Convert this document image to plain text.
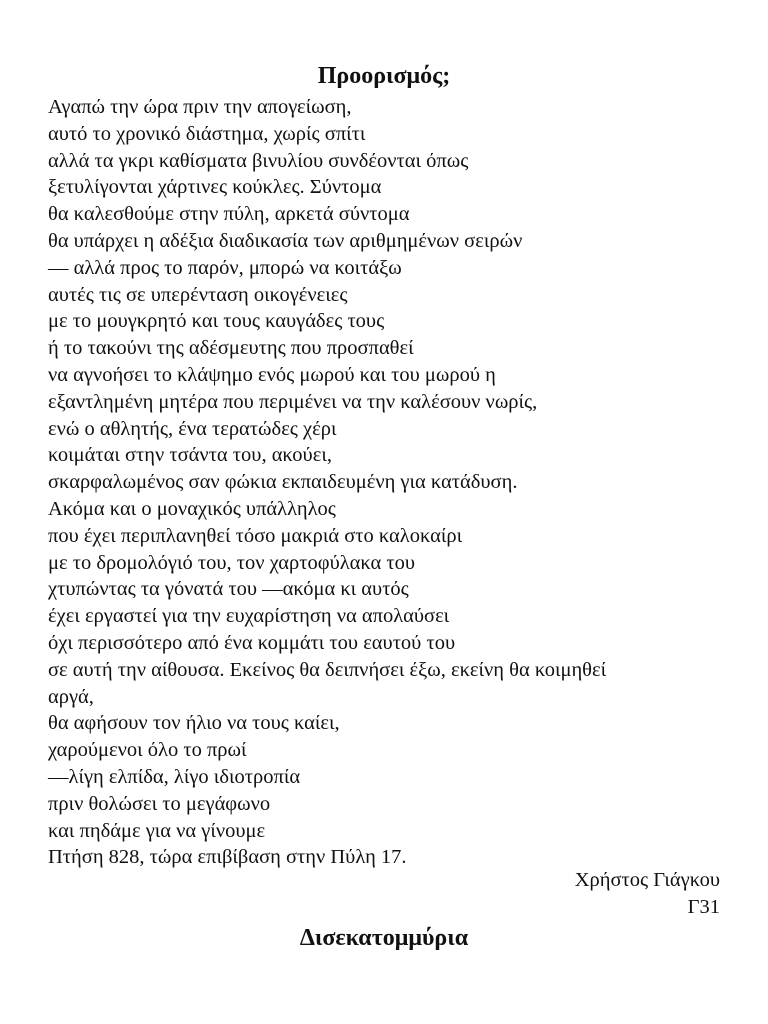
Προορισμός;
Αγαπώ την ώρα πριν την απογείωση,
αυτό το χρονικό διάστημα, χωρίς σπίτι
αλλά τα γκρι καθίσματα βινυλίου συνδέονται όπως
ξετυλίγονται χάρτινες κούκλες. Σύντομα
θα καλεσθούμε στην πύλη, αρκετά σύντομα
θα υπάρχει η αδέξια διαδικασία των αριθμημένων σειρών
— αλλά προς το παρόν, μπορώ να κοιτάξω
αυτές τις σε υπερένταση οικογένειες
με το μουγκρητό και τους καυγάδες τους
ή το τακούνι της αδέσμευτης που προσπαθεί
να αγνοήσει το κλάψημο ενός μωρού και του μωρού η
εξαντλημένη μητέρα που περιμένει να την καλέσουν νωρίς,
ενώ ο αθλητής, ένα τερατώδες χέρι
κοιμάται στην τσάντα του, ακούει,
σκαρφαλωμένος σαν φώκια εκπαιδευμένη για κατάδυση.
Ακόμα και ο μοναχικός υπάλληλος
που έχει περιπλανηθεί τόσο μακριά στο καλοκαίρι
με το δρομολόγιό του, τον χαρτοφύλακα του
χτυπώντας τα γόνατά του —ακόμα κι αυτός
έχει εργαστεί για την ευχαρίστηση να απολαύσει
όχι περισσότερο από ένα κομμάτι του εαυτού του
σε αυτή την αίθουσα. Εκείνος θα δειπνήσει έξω, εκείνη θα κοιμηθεί
αργά,
θα αφήσουν τον ήλιο να τους καίει,
χαρούμενοι όλο το πρωί
—λίγη ελπίδα, λίγο ιδιοτροπία
πριν θολώσει το μεγάφωνο
και πηδάμε για να γίνουμε
Πτήση 828, τώρα επιβίβαση στην Πύλη 17.
Χρήστος Γιάγκου
Γ31
Δισεκατομμύρια
